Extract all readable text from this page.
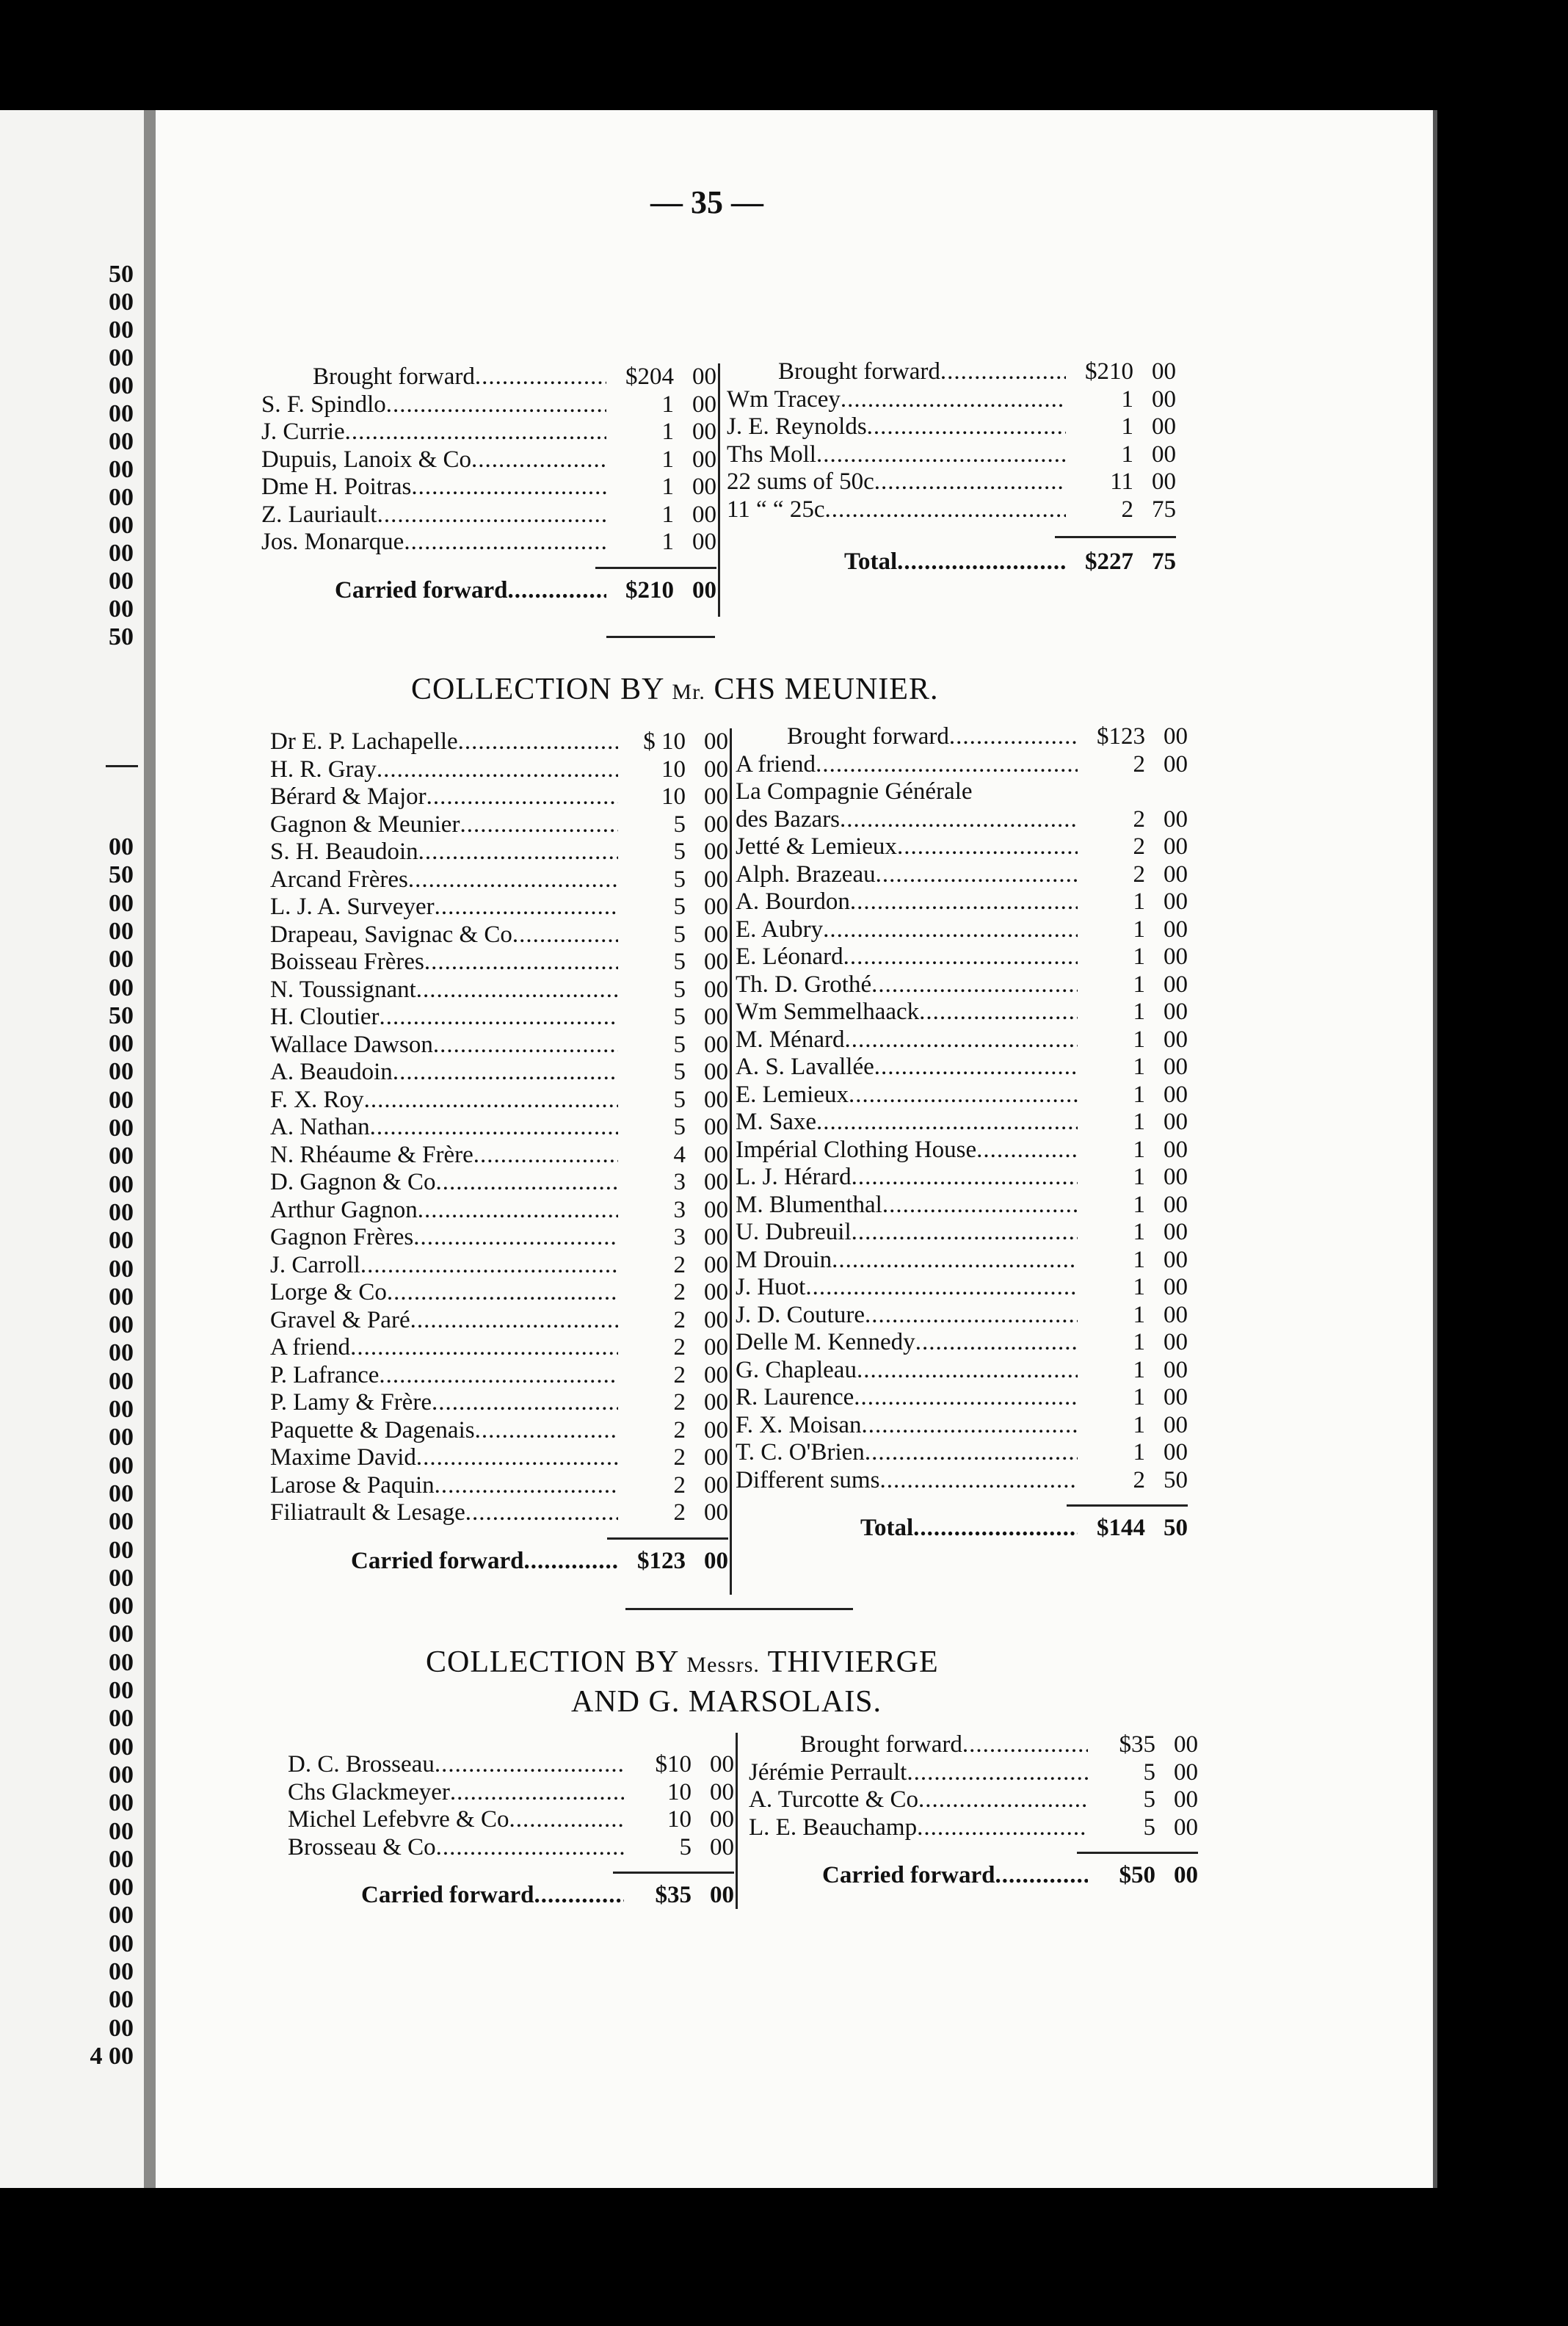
50
00
00
00
00
00
00
00
00
00
00
00
00
50
00
50
00
00
00
00
50
00
00
00
00
00
00
00
00
00
00
00
00
00
00
00
00
00
00
00
00
00
00
00
00
00
00
00
00
00
00
00
00
00
00
00
00
4 00
— 35 —
Brought forward .....	$204 00
S. F. Spindlo .....	1 00
J. Currie .....	1 00
Dupuis, Lanoix & Co .....	1 00
Dme H. Poitras .....	1 00
Z. Lauriault .....	1 00
Jos. Monarque .....	1 00
Carried forward .....	$210 00
Brought forward .....	$210 00
Wm Tracey .....	1 00
J. E. Reynolds .....	1 00
Ths Moll .....	1 00
22 sums of 50c .....	11 00
11 “ “ 25c .....	2 75
Total .....	$227 75
COLLECTION BY Mr. CHS MEUNIER.
Dr E. P. Lachapelle .....	$ 10 00
H. R. Gray .....	10 00
Bérard & Major .....	10 00
Gagnon & Meunier .....	5 00
S. H. Beaudoin .....	5 00
Arcand Frères .....	5 00
L. J. A. Surveyer .....	5 00
Drapeau, Savignac & Co .....	5 00
Boisseau Frères .....	5 00
N. Toussignant .....	5 00
H. Cloutier .....	5 00
Wallace Dawson .....	5 00
A. Beaudoin .....	5 00
F. X. Roy .....	5 00
A. Nathan .....	5 00
N. Rhéaume & Frère .....	4 00
D. Gagnon & Co .....	3 00
Arthur Gagnon .....	3 00
Gagnon Frères .....	3 00
J. Carroll .....	2 00
Lorge & Co .....	2 00
Gravel & Paré .....	2 00
A friend .....	2 00
P. Lafrance .....	2 00
P. Lamy & Frère .....	2 00
Paquette & Dagenais .....	2 00
Maxime David .....	2 00
Larose & Paquin .....	2 00
Filiatrault & Lesage .....	2 00
Carried forward .....	$123 00
Brought forward .....	$123 00
A friend .....	2 00
La Compagnie Générale
des Bazars .....	2 00
Jetté & Lemieux .....	2 00
Alph. Brazeau .....	2 00
A. Bourdon .....	1 00
E. Aubry .....	1 00
E. Léonard .....	1 00
Th. D. Grothé .....	1 00
Wm Semmelhaack .....	1 00
M. Ménard .....	1 00
A. S. Lavallée .....	1 00
E. Lemieux .....	1 00
M. Saxe .....	1 00
Impérial Clothing House .....	1 00
L. J. Hérard .....	1 00
M. Blumenthal .....	1 00
U. Dubreuil .....	1 00
M Drouin .....	1 00
J. Huot .....	1 00
J. D. Couture .....	1 00
Delle M. Kennedy .....	1 00
G. Chapleau .....	1 00
R. Laurence .....	1 00
F. X. Moisan .....	1 00
T. C. O'Brien .....	1 00
Different sums .....	2 50
Total .....	$144 50
COLLECTION BY Messrs. THIVIERGE
AND G. MARSOLAIS.
D. C. Brosseau .....	$10 00
Chs Glackmeyer .....	10 00
Michel Lefebvre & Co .....	10 00
Brosseau & Co .....	5 00
Carried forward .....	$35 00
Brought forward .....	$35 00
Jérémie Perrault .....	5 00
A. Turcotte & Co .....	5 00
L. E. Beauchamp .....	5 00
Carried forward .....	$50 00
